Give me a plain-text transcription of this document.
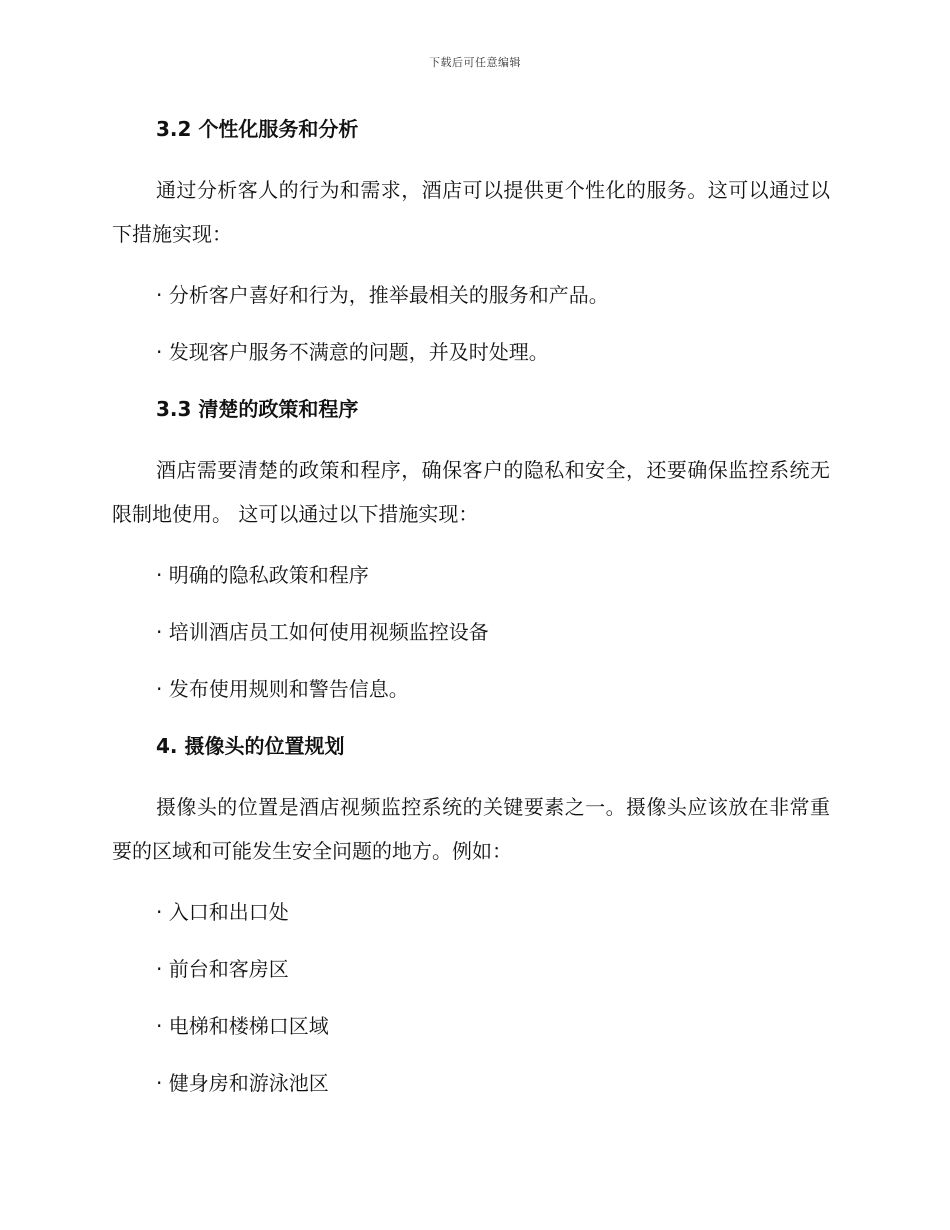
下载后可任意编辑
3.2 个性化服务和分析

通过分析客人的行为和需求，酒店可以提供更个性化的服务。这可以通过以下措施实现：

· 分析客户喜好和行为，推举最相关的服务和产品。

· 发现客户服务不满意的问题，并及时处理。

3.3 清楚的政策和程序

酒店需要清楚的政策和程序，确保客户的隐私和安全，还要确保监控系统无限制地使用。 这可以通过以下措施实现：

· 明确的隐私政策和程序

· 培训酒店员工如何使用视频监控设备

· 发布使用规则和警告信息。

4. 摄像头的位置规划

摄像头的位置是酒店视频监控系统的关键要素之一。摄像头应该放在非常重要的区域和可能发生安全问题的地方。例如：

· 入口和出口处

· 前台和客房区

· 电梯和楼梯口区域

· 健身房和游泳池区
